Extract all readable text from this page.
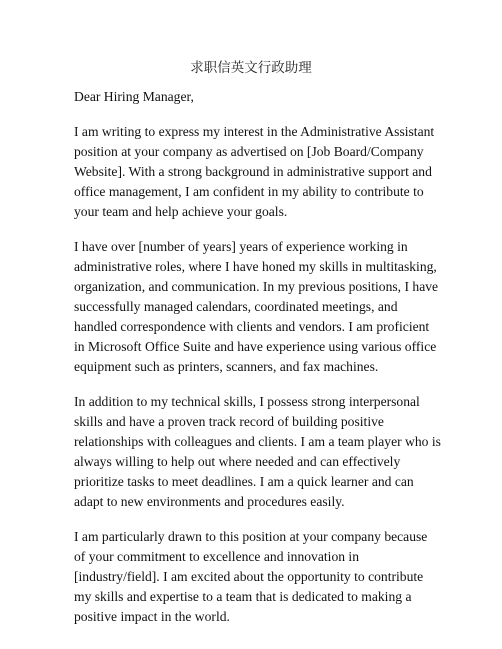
求职信英文行政助理
Dear Hiring Manager,
I am writing to express my interest in the Administrative Assistant
position at your company as advertised on [Job Board/Company
Website]. With a strong background in administrative support and
office management, I am confident in my ability to contribute to
your team and help achieve your goals.
I have over [number of years] years of experience working in
administrative roles, where I have honed my skills in multitasking,
organization, and communication. In my previous positions, I have
successfully managed calendars, coordinated meetings, and
handled correspondence with clients and vendors. I am proficient
in Microsoft Office Suite and have experience using various office
equipment such as printers, scanners, and fax machines.
In addition to my technical skills, I possess strong interpersonal
skills and have a proven track record of building positive
relationships with colleagues and clients. I am a team player who is
always willing to help out where needed and can effectively
prioritize tasks to meet deadlines. I am a quick learner and can
adapt to new environments and procedures easily.
I am particularly drawn to this position at your company because
of your commitment to excellence and innovation in
[industry/field]. I am excited about the opportunity to contribute
my skills and expertise to a team that is dedicated to making a
positive impact in the world.
